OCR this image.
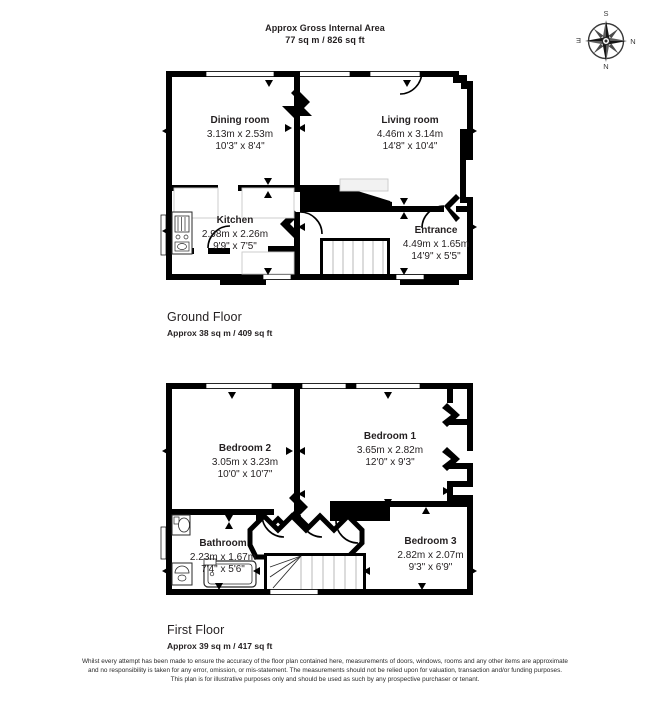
Approx Gross Internal Area
77 sq m / 826 sq ft
S
E	N
N
Dining room
3.13m x 2.53m
10'3" x 8'4"
Living room
4.46m x 3.14m
14'8" x 10'4"
Kitchen
2.98m x 2.26m
9'9" x 7'5"
Entrance
4.49m x 1.65m
14'9" x 5'5"
Ground Floor
Approx 38 sq m / 409 sq ft
Bedroom 2
3.05m x 3.23m
10'0" x 10'7"
Bedroom 1
3.65m x 2.82m
12'0" x 9'3"
Bathroom
2.23m x 1.67m
7'4" x 5'6"
Bedroom 3
2.82m x 2.07m
9'3" x 6'9"
First Floor
Approx 39 sq m / 417 sq ft
Whilst every attempt has been made to ensure the accuracy of the floor plan contained here, measurements of doors, windows, rooms and any other items are approximate and no responsibility is taken for any error, omission, or mis-statement. The measurements should not be relied upon for valuation, transaction and/or funding purposes. This plan is for illustrative purposes only and should be used as such by any prospective purchaser or tenant.
